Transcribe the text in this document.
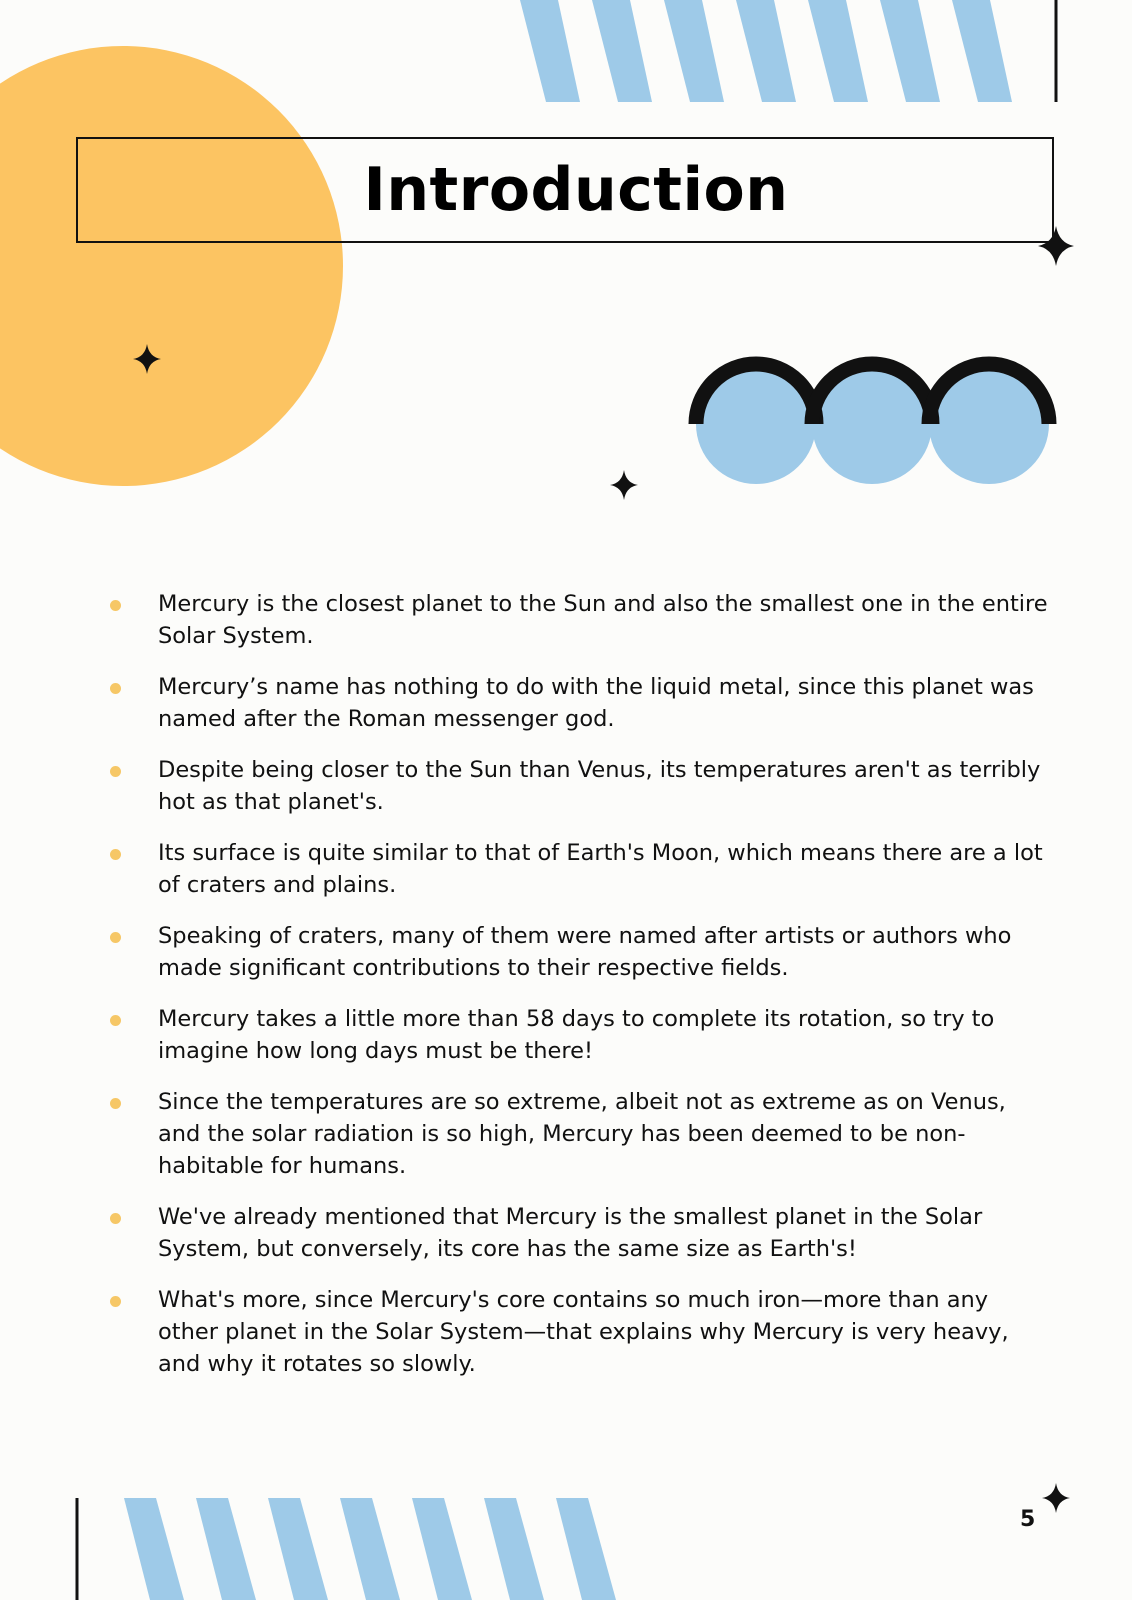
Introduction
Mercury is the closest planet to the Sun and also the smallest one in the entire Solar System.
Mercury’s name has nothing to do with the liquid metal, since this planet was named after the Roman messenger god.
Despite being closer to the Sun than Venus, its temperatures aren't as terribly hot as that planet's.
Its surface is quite similar to that of Earth's Moon, which means there are a lot of craters and plains.
Speaking of craters, many of them were named after artists or authors who made significant contributions to their respective fields.
Mercury takes a little more than 58 days to complete its rotation, so try to imagine how long days must be there!
Since the temperatures are so extreme, albeit not as extreme as on Venus, and the solar radiation is so high, Mercury has been deemed to be non-habitable for humans.
We've already mentioned that Mercury is the smallest planet in the Solar System, but conversely, its core has the same size as Earth's!
What's more, since Mercury's core contains so much iron—more than any other planet in the Solar System—that explains why Mercury is very heavy, and why it rotates so slowly.
5
